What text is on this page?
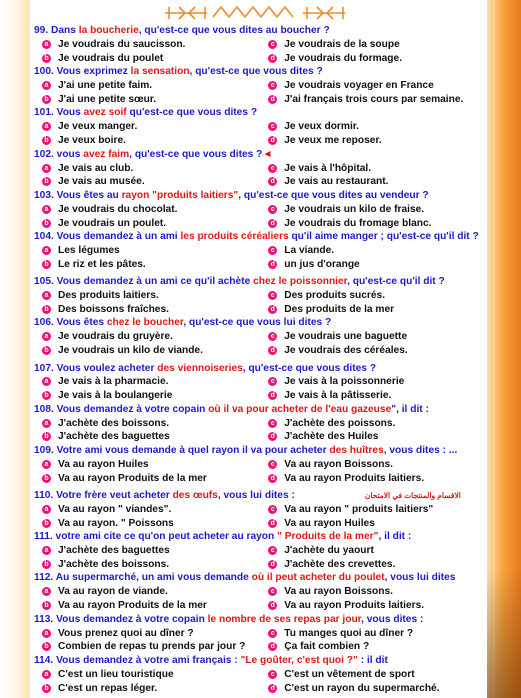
99. Dans la boucherie, qu'est-ce que vous dites au boucher ?
a Je voudrais du saucisson.	c Je voudrais de la soupe
b Je voudrais du poulet	d Je voudrais du formage.
100. Vous exprimez la sensation, qu'est-ce que vous dites ?
a J'ai une petite faim.	c Je voudrais voyager en France
b J'ai une petite sœur.	d J'ai français trois cours par semaine.
101. Vous avez soif qu'est-ce que vous dites ?
a Je veux manger.	c Je veux dormir.
b Je veux boire.	d Je veux me reposer.
102. vous avez faim, qu'est-ce que vous dites ?◄
a Je vais au club.	c Je vais à l'hôpital.
b Je vais au musée.	d Je vais au restaurant.
103. Vous êtes au rayon "produits laitiers", qu'est-ce que vous dites au vendeur ?
a Je voudrais du chocolat.	c Je voudrais un kilo de fraise.
b Je voudrais un poulet.	d Je voudrais du fromage blanc.
104. Vous demandez à un ami les produits céréaliers qu'il aime manger ; qu'est-ce qu'il dit ?
a Les légumes	c La viande.
b Le riz et les pâtes.	d un jus d'orange
105. Vous demandez à un ami ce qu'il achète chez le poissonnier, qu'est-ce qu'il dit ?
a Des produits laitiers.	c Des produits sucrés.
b Des boissons fraîches.	d Des produits de la mer
106. Vous êtes chez le boucher, qu'est-ce que vous lui dites ?
a Je voudrais du gruyère.	c Je voudrais une baguette
b Je voudrais un kilo de viande.	d Je voudrais des céréales.
107. Vous voulez acheter des viennoiseries, qu'est-ce que vous dites ?
a Je vais à la pharmacie.	c Je vais à la poissonnerie
b Je vais à la boulangerie	d Je vais à la pâtisserie.
108. Vous demandez à votre copain où il va pour acheter de l'eau gazeuse", il dit :
a J'achète des boissons.	c J'achète des poissons.
b J'achète des baguettes	d J'achète des Huiles
109. Votre ami vous demande à quel rayon il va pour acheter des huîtres, vous dites : ...
a Va au rayon Huiles	c Va au rayon Boissons.
b Va au rayon Produits de la mer	d Va au rayon Produits laitiers.
110. Votre frère veut acheter des œufs, vous lui dites :	الاقسام والمنتجات في الامتحان
a Va au rayon " viandes".	c Va au rayon " produits laitiers"
b Va au rayon. " Poissons	d Va au rayon Huiles
111. votre ami cite ce qu'on peut acheter au rayon " Produits de la mer", il dit :
a J'achète des baguettes	c J'achète du yaourt
b J'achète des boissons.	d J'achète des crevettes.
112. Au supermarché, un ami vous demande où il peut acheter du poulet, vous lui dites
a Va au rayon de viande.	c Va au rayon Boissons.
b Va au rayon Produits de la mer	d Va au rayon Produits laitiers.
113. Vous demandez à votre copain le nombre de ses repas par jour, vous dites :
a Vous prenez quoi au dîner ?	c Tu manges quoi au dîner ?
b Combien de repas tu prends par jour ?	d Ça fait combien ?
114. Vous demandez à votre ami français : "Le goûter, c'est quoi ?" : il dit
a C'est un lieu touristique	c C'est un vêtement de sport
b C'est un repas léger.	d C'est un rayon du supermarché.
